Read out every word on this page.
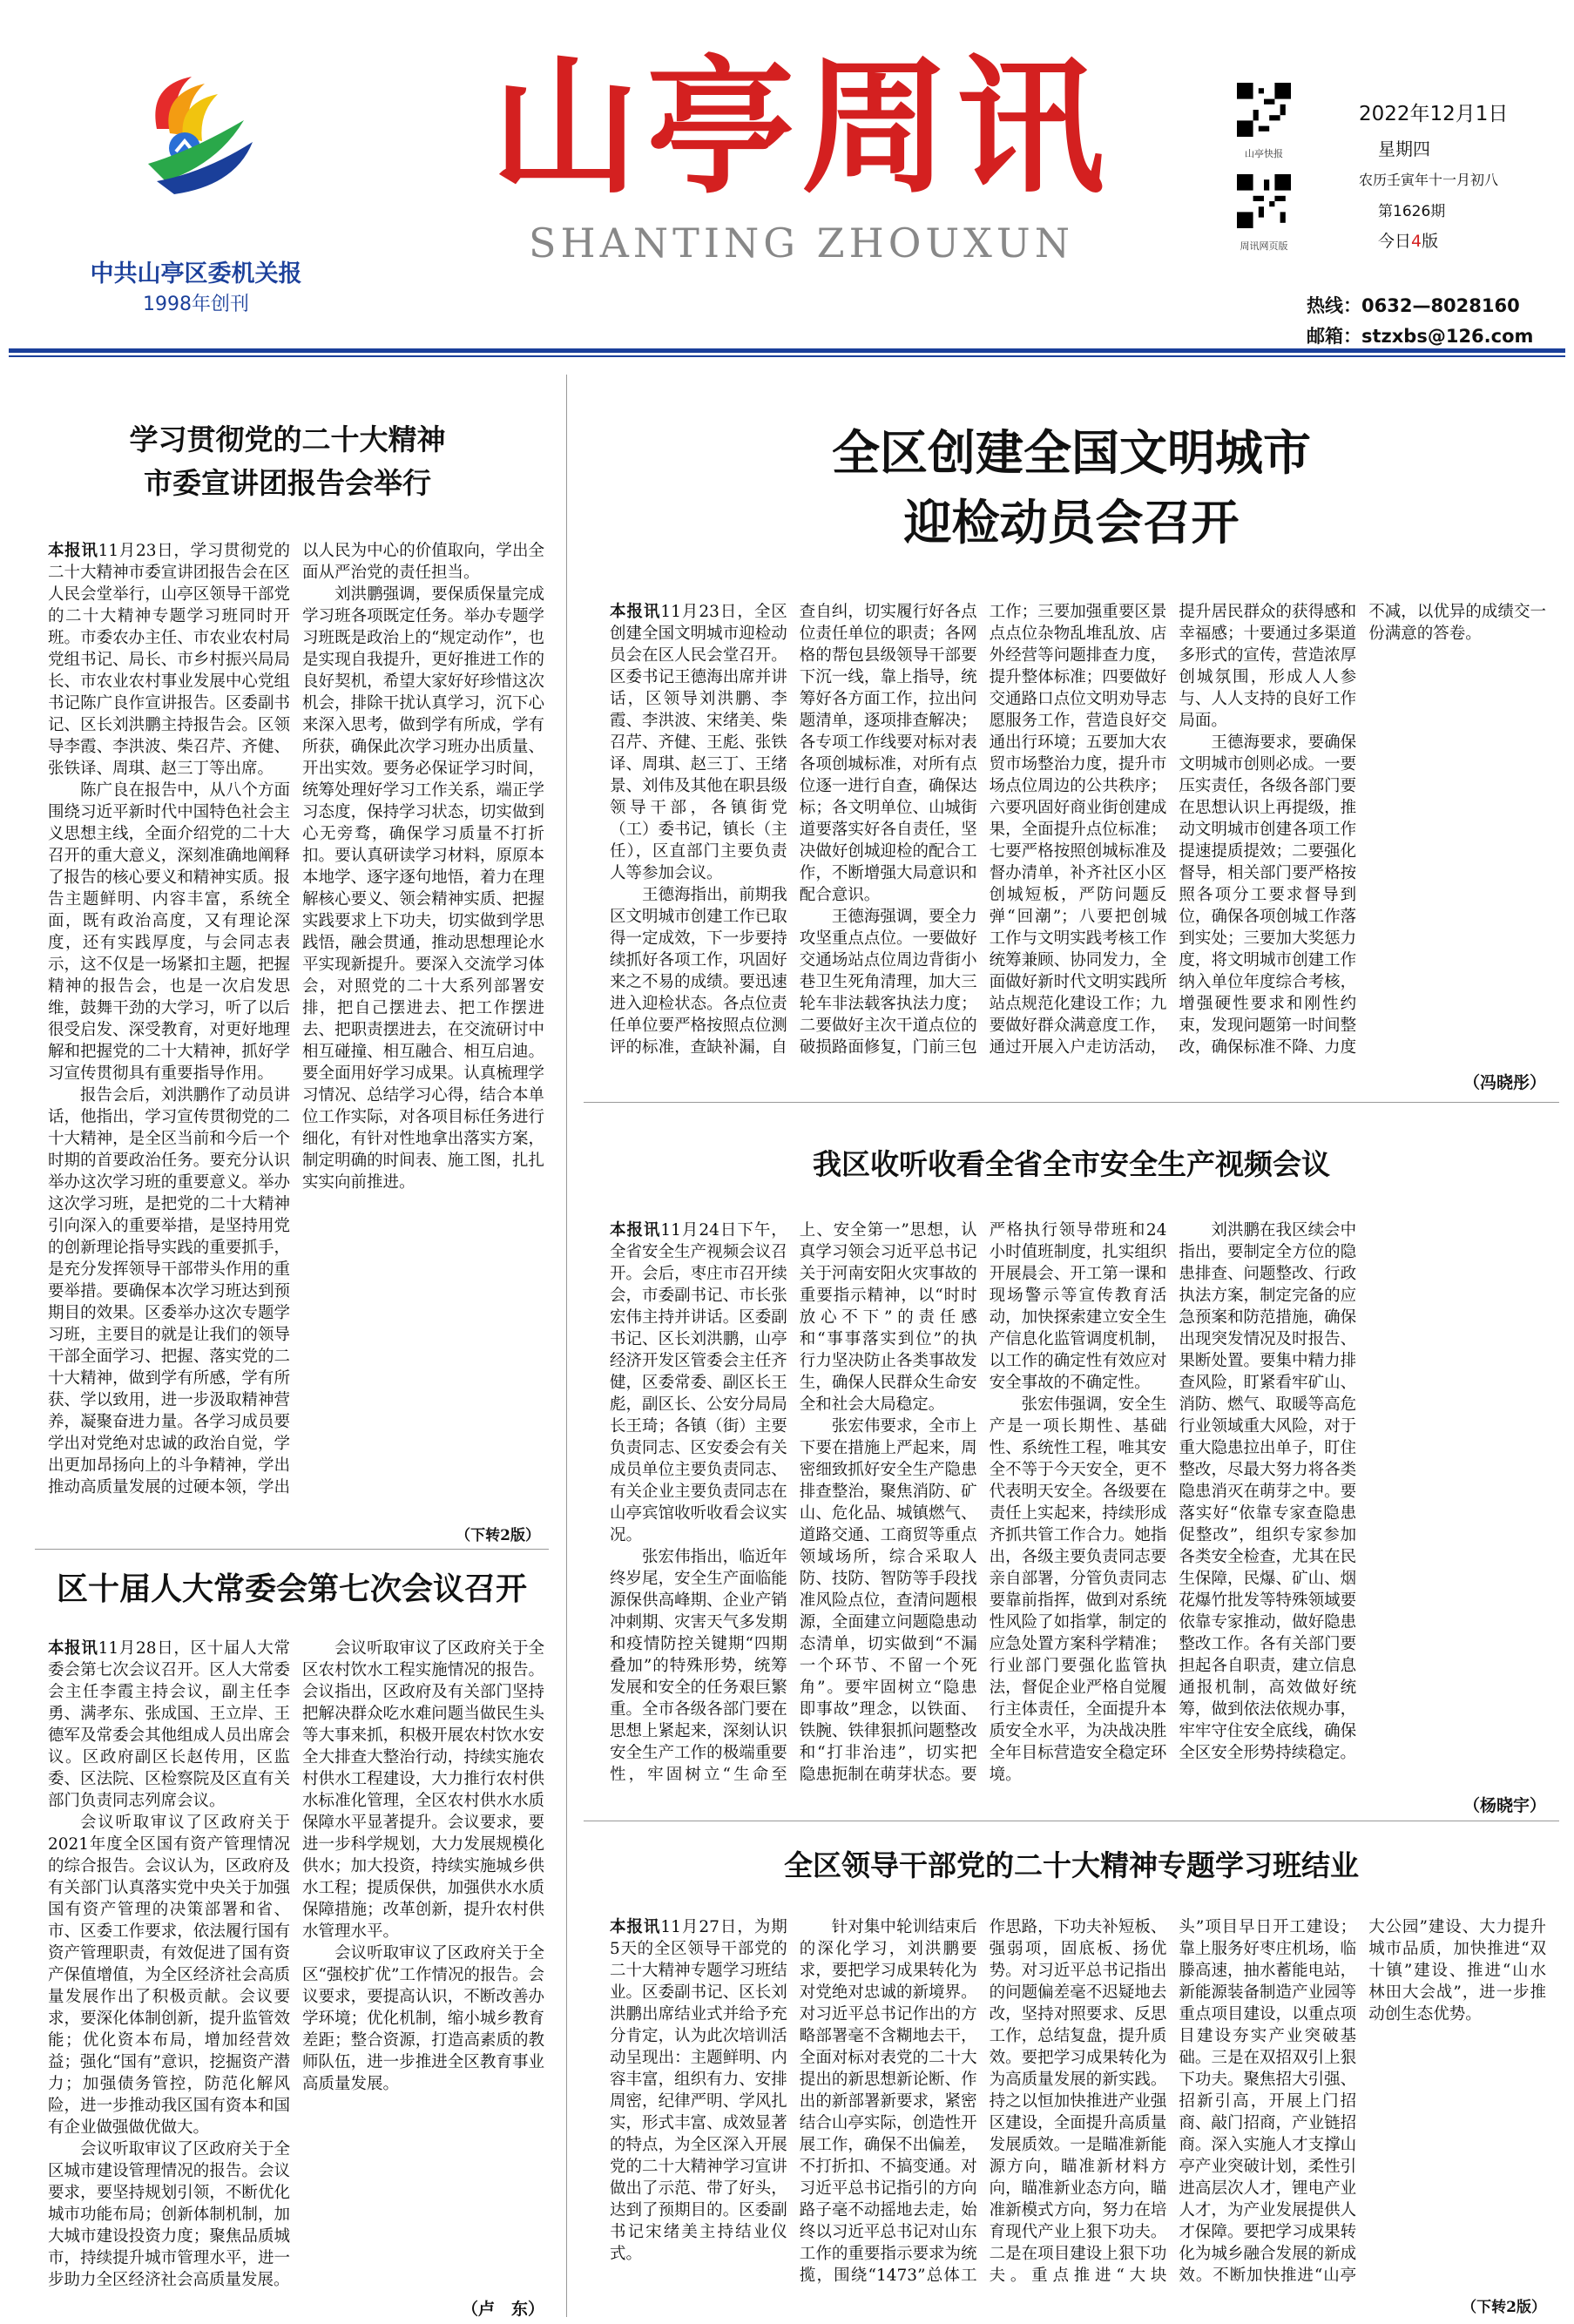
中共山亭区委机关报
1998年创刊
山亭周讯
SHANTING ZHOUXUN
山亭快报
周讯网页版
2022年12月1日
星期四
农历壬寅年十一月初八
第1626期
今日4版
热线：0632—8028160
邮箱：stzxbs@126.com
学习贯彻党的二十大精神
市委宣讲团报告会举行

本报讯11月23日，学习贯彻党的二十大精神市委宣讲团报告会在区人民会堂举行，山亭区领导干部党的二十大精神专题学习班同时开班。市委农办主任、市农业农村局党组书记、局长、市乡村振兴局局长、市农业农村事业发展中心党组书记陈广良作宣讲报告。区委副书记、区长刘洪鹏主持报告会。区领导李霞、李洪波、柴召芹、齐健、张铁译、周琪、赵三丁等出席。

陈广良在报告中，从八个方面围绕习近平新时代中国特色社会主义思想主线，全面介绍党的二十大召开的重大意义，深刻准确地阐释了报告的核心要义和精神实质。报告主题鲜明、内容丰富，系统全面，既有政治高度，又有理论深度，还有实践厚度，与会同志表示，这不仅是一场紧扣主题，把握精神的报告会，也是一次启发思维，鼓舞干劲的大学习，听了以后很受启发、深受教育，对更好地理解和把握党的二十大精神，抓好学习宣传贯彻具有重要指导作用。

报告会后，刘洪鹏作了动员讲话，他指出，学习宣传贯彻党的二十大精神，是全区当前和今后一个时期的首要政治任务。要充分认识举办这次学习班的重要意义。举办这次学习班，是把党的二十大精神引向深入的重要举措，是坚持用党的创新理论指导实践的重要抓手，是充分发挥领导干部带头作用的重要举措。要确保本次学习班达到预期目的效果。区委举办这次专题学习班，主要目的就是让我们的领导干部全面学习、把握、落实党的二十大精神，做到学有所感，学有所获、学以致用，进一步汲取精神营养，凝聚奋进力量。各学习成员要学出对党绝对忠诚的政治自觉，学出更加昂扬向上的斗争精神，学出推动高质量发展的过硬本领，学出以人民为中心的价值取向，学出全面从严治党的责任担当。

刘洪鹏强调，要保质保量完成学习班各项既定任务。举办专题学习班既是政治上的“规定动作”，也是实现自我提升，更好推进工作的良好契机，希望大家好好珍惜这次机会，排除干扰认真学习，沉下心来深入思考，做到学有所成，学有所获，确保此次学习班办出质量、开出实效。要务必保证学习时间，统筹处理好学习工作关系，端正学习态度，保持学习状态，切实做到心无旁骛，确保学习质量不打折扣。要认真研读学习材料，原原本本地学、逐字逐句地悟，着力在理解核心要义、领会精神实质、把握实践要求上下功夫，切实做到学思践悟，融会贯通，推动思想理论水平实现新提升。要深入交流学习体会，对照党的二十大系列部署安排，把自己摆进去、把工作摆进去、把职责摆进去，在交流研讨中相互碰撞、相互融合、相互启迪。要全面用好学习成果。认真梳理学习情况、总结学习心得，结合本单位工作实际，对各项目标任务进行细化，有针对性地拿出落实方案，制定明确的时间表、施工图，扎扎实实向前推进。

（下转2版）
全区创建全国文明城市
迎检动员会召开

本报讯11月23日，全区创建全国文明城市迎检动员会在区人民会堂召开。区委书记王德海出席并讲话，区领导刘洪鹏、李霞、李洪波、宋绪美、柴召芹、齐健、王彪、张铁译、周琪、赵三丁、王绪景、刘伟及其他在职县级领导干部，各镇街党（工）委书记，镇长（主任），区直部门主要负责人等参加会议。

王德海指出，前期我区文明城市创建工作已取得一定成效，下一步要持续抓好各项工作，巩固好来之不易的成绩。要迅速进入迎检状态。各点位责任单位要严格按照点位测评的标准，查缺补漏，自查自纠，切实履行好各点位责任单位的职责；各网格的帮包县级领导干部要下沉一线，靠上指导，统筹好各方面工作，拉出问题清单，逐项排查解决；各专项工作线要对标对表各项创城标准，对所有点位逐一进行自查，确保达标；各文明单位、山城街道要落实好各自责任，坚决做好创城迎检的配合工作，不断增强大局意识和配合意识。

王德海强调，要全力攻坚重点点位。一要做好交通场站点位周边背街小巷卫生死角清理，加大三轮车非法载客执法力度；二要做好主次干道点位的破损路面修复，门前三包工作；三要加强重要区景点点位杂物乱堆乱放、店外经营等问题排查力度，提升整体标准；四要做好交通路口点位文明劝导志愿服务工作，营造良好交通出行环境；五要加大农贸市场整治力度，提升市场点位周边的公共秩序；六要巩固好商业街创建成果，全面提升点位标准；七要严格按照创城标准及督办清单，补齐社区小区创城短板，严防问题反弹“回潮”；八要把创城工作与文明实践考核工作统筹兼顾、协同发力，全面做好新时代文明实践所站点规范化建设工作；九要做好群众满意度工作，通过开展入户走访活动，提升居民群众的获得感和幸福感；十要通过多渠道多形式的宣传，营造浓厚创城氛围，形成人人参与、人人支持的良好工作局面。

王德海要求，要确保文明城市创则必成。一要压实责任，各级各部门要在思想认识上再提级，推动文明城市创建各项工作提速提质提效；二要强化督导，相关部门要严格按照各项分工要求督导到位，确保各项创城工作落到实处；三要加大奖惩力度，将文明城市创建工作纳入单位年度综合考核，增强硬性要求和刚性约束，发现问题第一时间整改，确保标准不降、力度不减，以优异的成绩交一份满意的答卷。

（冯晓彤）
我区收听收看全省全市安全生产视频会议

本报讯11月24日下午，全省安全生产视频会议召开。会后，枣庄市召开续会，市委副书记、市长张宏伟主持并讲话。区委副书记、区长刘洪鹏，山亭经济开发区管委会主任齐健，区委常委、副区长王彪，副区长、公安分局局长王琦；各镇（街）主要负责同志、区安委会有关成员单位主要负责同志、有关企业主要负责同志在山亭宾馆收听收看会议实况。

张宏伟指出，临近年终岁尾，安全生产面临能源保供高峰期、企业产销冲刺期、灾害天气多发期和疫情防控关键期“四期叠加”的特殊形势，统筹发展和安全的任务艰巨繁重。全市各级各部门要在思想上紧起来，深刻认识安全生产工作的极端重要性，牢固树立“生命至上、安全第一”思想，认真学习领会习近平总书记关于河南安阳火灾事故的重要指示精神，以“时时放心不下”的责任感和“事事落实到位”的执行力坚决防止各类事故发生，确保人民群众生命安全和社会大局稳定。

张宏伟要求，全市上下要在措施上严起来，周密细致抓好安全生产隐患排查整治，聚焦消防、矿山、危化品、城镇燃气、道路交通、工商贸等重点领域场所，综合采取人防、技防、智防等手段找准风险点位，查清问题根源，全面建立问题隐患动态清单，切实做到“不漏一个环节、不留一个死角”。要牢固树立“隐患即事故”理念，以铁面、铁腕、铁律狠抓问题整改和“打非治违”，切实把隐患扼制在萌芽状态。要严格执行领导带班和24小时值班制度，扎实组织开展晨会、开工第一课和现场警示等宣传教育活动，加快探索建立安全生产信息化监管调度机制，以工作的确定性有效应对安全事故的不确定性。

张宏伟强调，安全生产是一项长期性、基础性、系统性工程，唯其安全不等于今天安全，更不代表明天安全。各级要在责任上实起来，持续形成齐抓共管工作合力。她指出，各级主要负责同志要亲自部署，分管负责同志要靠前指挥，做到对系统性风险了如指掌，制定的应急处置方案科学精准；行业部门要强化监管执法，督促企业严格自觉履行主体责任，全面提升本质安全水平，为决战决胜全年目标营造安全稳定环境。

刘洪鹏在我区续会中指出，要制定全方位的隐患排查、问题整改、行政执法方案，制定完备的应急预案和防范措施，确保出现突发情况及时报告、果断处置。要集中精力排查风险，盯紧看牢矿山、消防、燃气、取暖等高危行业领域重大风险，对于重大隐患拉出单子，盯住整改，尽最大努力将各类隐患消灭在萌芽之中。要落实好“依靠专家查隐患促整改”，组织专家参加各类安全检查，尤其在民生保障，民爆、矿山、烟花爆竹批发等特殊领域要依靠专家推动，做好隐患整改工作。各有关部门要担起各自职责，建立信息通报机制，高效做好统筹，做到依法依规办事，牢牢守住安全底线，确保全区安全形势持续稳定。

（杨晓宇）
区十届人大常委会第七次会议召开

本报讯11月28日，区十届人大常委会第七次会议召开。区人大常委会主任李霞主持会议，副主任李勇、满孝东、张成国、王立岸、王德军及常委会其他组成人员出席会议。区政府副区长赵传用，区监委、区法院、区检察院及区直有关部门负责同志列席会议。

会议听取审议了区政府关于2021年度全区国有资产管理情况的综合报告。会议认为，区政府及有关部门认真落实党中央关于加强国有资产管理的决策部署和省、市、区委工作要求，依法履行国有资产管理职责，有效促进了国有资产保值增值，为全区经济社会高质量发展作出了积极贡献。会议要求，要深化体制创新，提升监管效能；优化资本布局，增加经营效益；强化“国有”意识，挖掘资产潜力；加强债务管控，防范化解风险，进一步推动我区国有资本和国有企业做强做优做大。

会议听取审议了区政府关于全区城市建设管理情况的报告。会议要求，要坚持规划引领，不断优化城市功能布局；创新体制机制，加大城市建设投资力度；聚焦品质城市，持续提升城市管理水平，进一步助力全区经济社会高质量发展。

会议听取审议了区政府关于全区农村饮水工程实施情况的报告。会议指出，区政府及有关部门坚持把解决群众吃水难问题当做民生头等大事来抓，积极开展农村饮水安全大排查大整治行动，持续实施农村供水工程建设，大力推行农村供水标准化管理，全区农村供水水质保障水平显著提升。会议要求，要进一步科学规划，大力发展规模化供水；加大投资，持续实施城乡供水工程；提质保供，加强供水水质保障措施；改革创新，提升农村供水管理水平。

会议听取审议了区政府关于全区“强校扩优”工作情况的报告。会议要求，要提高认识，不断改善办学环境；优化机制，缩小城乡教育差距；整合资源，打造高素质的教师队伍，进一步推进全区教育事业高质量发展。

（卢　东）
全区领导干部党的二十大精神专题学习班结业

本报讯11月27日，为期5天的全区领导干部党的二十大精神专题学习班结业。区委副书记、区长刘洪鹏出席结业式并给予充分肯定，认为此次培训活动呈现出：主题鲜明、内容丰富，组织有力、安排周密，纪律严明、学风扎实，形式丰富、成效显著的特点，为全区深入开展党的二十大精神学习宣讲做出了示范、带了好头，达到了预期目的。区委副书记宋绪美主持结业仪式。

针对集中轮训结束后的深化学习，刘洪鹏要求，要把学习成果转化为对党绝对忠诚的新境界。对习近平总书记作出的方略部署毫不含糊地去干，全面对标对表党的二十大提出的新思想新论断、作出的新部署新要求，紧密结合山亭实际，创造性开展工作，确保不出偏差，不打折扣、不搞变通。对习近平总书记指引的方向路子毫不动摇地去走，始终以习近平总书记对山东工作的重要指示要求为统揽，围绕“1473”总体工作思路，下功夫补短板、强弱项，固底板、扬优势。对习近平总书记指出的问题偏差毫不迟疑地去改，坚持对照要求、反思工作，总结复盘，提升质效。要把学习成果转化为为高质量发展的新实践。持之以恒加快推进产业强区建设，全面提升高质量发展质效。一是瞄准新能源方向，瞄准新材料方向，瞄准新业态方向，瞄准新模式方向，努力在培育现代产业上狠下功夫。二是在项目建设上狠下功夫。重点推进“大块头”项目早日开工建设；靠上服务好枣庄机场，临滕高速，抽水蓄能电站，新能源装备制造产业园等重点项目建设，以重点项目建设夯实产业突破基础。三是在双招双引上狠下功夫。聚焦招大引强、招新引高，开展上门招商、敲门招商，产业链招商。深入实施人才支撑山亭产业突破计划，柔性引进高层次人才，锂电产业人才，为产业发展提供人才保障。要把学习成果转化为城乡融合发展的新成效。不断加快推进“山亭大公园”建设、大力提升城市品质，加快推进“双十镇”建设、推进“山水林田大会战”，进一步推动创生态优势。

（下转2版）
